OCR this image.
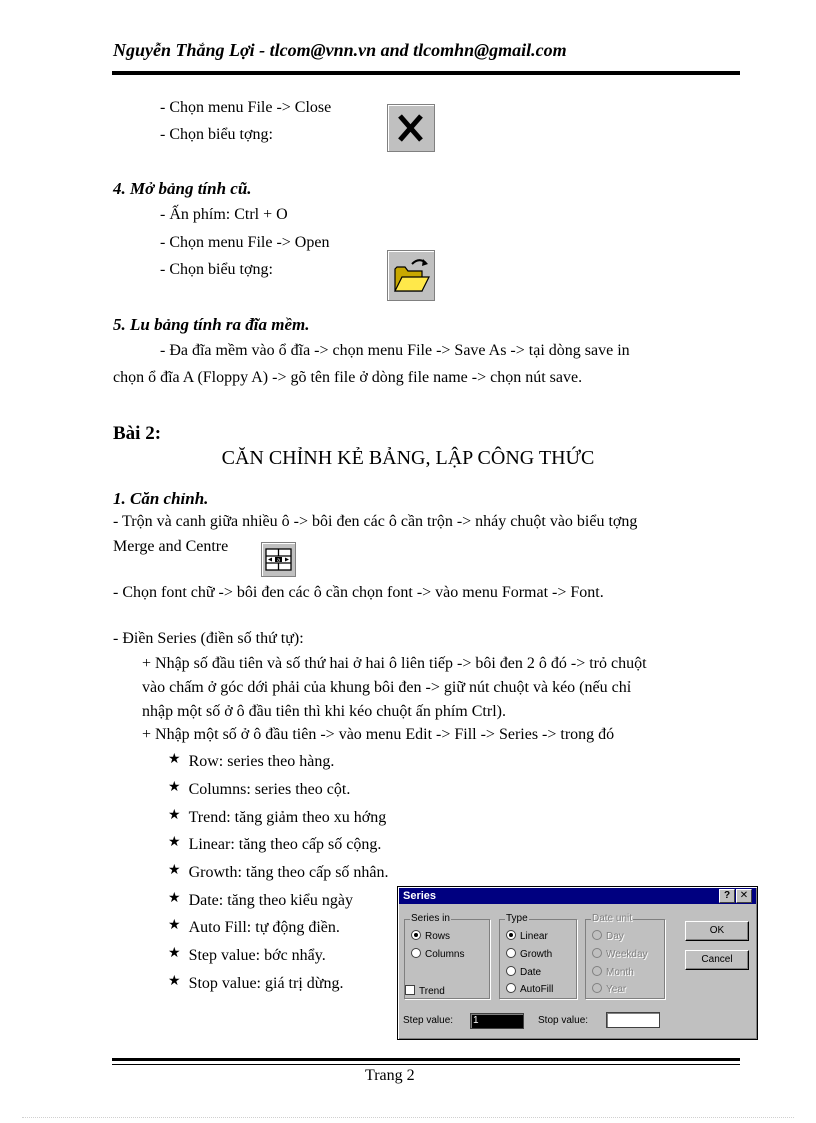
Nguyễn Thắng Lợi - tlcom@vnn.vn and tlcomhn@gmail.com
- Chọn menu File -> Close
- Chọn biểu tợng:
4. Mở bảng tính cũ.
- Ấn phím: Ctrl + O
- Chọn menu File -> Open
- Chọn biểu tợng:
5. Lu bảng tính ra đĩa mềm.
- Đa đĩa mềm vào ổ đĩa -> chọn menu File -> Save As -> tại dòng save in
chọn ổ đĩa A (Floppy A) -> gõ tên file ở dòng file name -> chọn nút save.
Bài 2:
CĂN CHỈNH KẺ BẢNG, LẬP CÔNG THỨC
1. Căn chỉnh.
- Trộn và canh giữa nhiều ô -> bôi đen các ô cần trộn -> nháy chuột vào biểu tợng
Merge and Centre
a
- Chọn font chữ -> bôi đen các ô cần chọn font -> vào menu Format -> Font.
- Điền Series (điền số thứ tự):
+ Nhập số đầu tiên và số thứ hai ở hai ô liên tiếp -> bôi đen 2 ô đó -> trỏ chuột
vào chấm ở góc dới phải của khung bôi đen -> giữ nút chuột và kéo (nếu chỉ
nhập một số ở ô đầu tiên thì khi kéo chuột ấn phím Ctrl).
+ Nhập một số ở ô đầu tiên -> vào menu Edit -> Fill -> Series -> trong đó
★ Row: series theo hàng.
★ Columns: series theo cột.
★ Trend: tăng giảm theo xu hớng
★ Linear: tăng theo cấp số cộng.
★ Growth: tăng theo cấp số nhân.
★ Date: tăng theo kiểu ngày
★ Auto Fill: tự động điền.
★ Step value: bớc nhẩy.
★ Stop value: giá trị dừng.
Series	? ✕
Series in
Rows
Columns
Trend
Type
Linear
Growth
Date
AutoFill
Date unit
Day
Weekday
Month
Year
OK
Cancel
Step value:	1	Stop value:
Trang 2
